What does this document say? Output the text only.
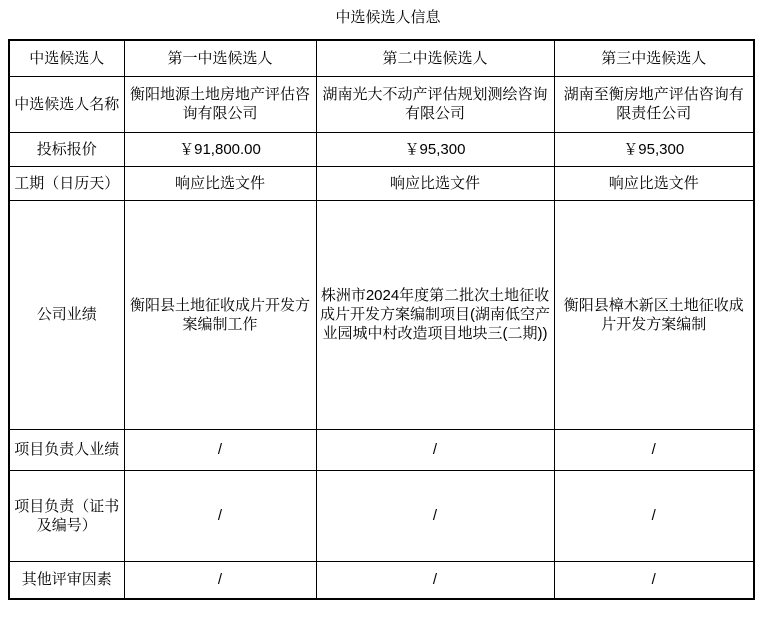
中选候选人信息
中选候选人	第一中选候选人	第二中选候选人	第三中选候选人
中选候选人名称	衡阳地源土地房地产评估咨询有限公司	湖南光大不动产评估规划测绘咨询有限公司	湖南至衡房地产评估咨询有限责任公司
投标报价	￥91,800.00	￥95,300	￥95,300
工期（日历天）	响应比选文件	响应比选文件	响应比选文件
公司业绩	衡阳县土地征收成片开发方案编制工作	株洲市2024年度第二批次土地征收成片开发方案编制项目(湖南低空产业园城中村改造项目地块三(二期))	衡阳县樟木新区土地征收成片开发方案编制
项目负责人业绩	/	/	/
项目负责（证书及编号）	/	/	/
其他评审因素	/	/	/
